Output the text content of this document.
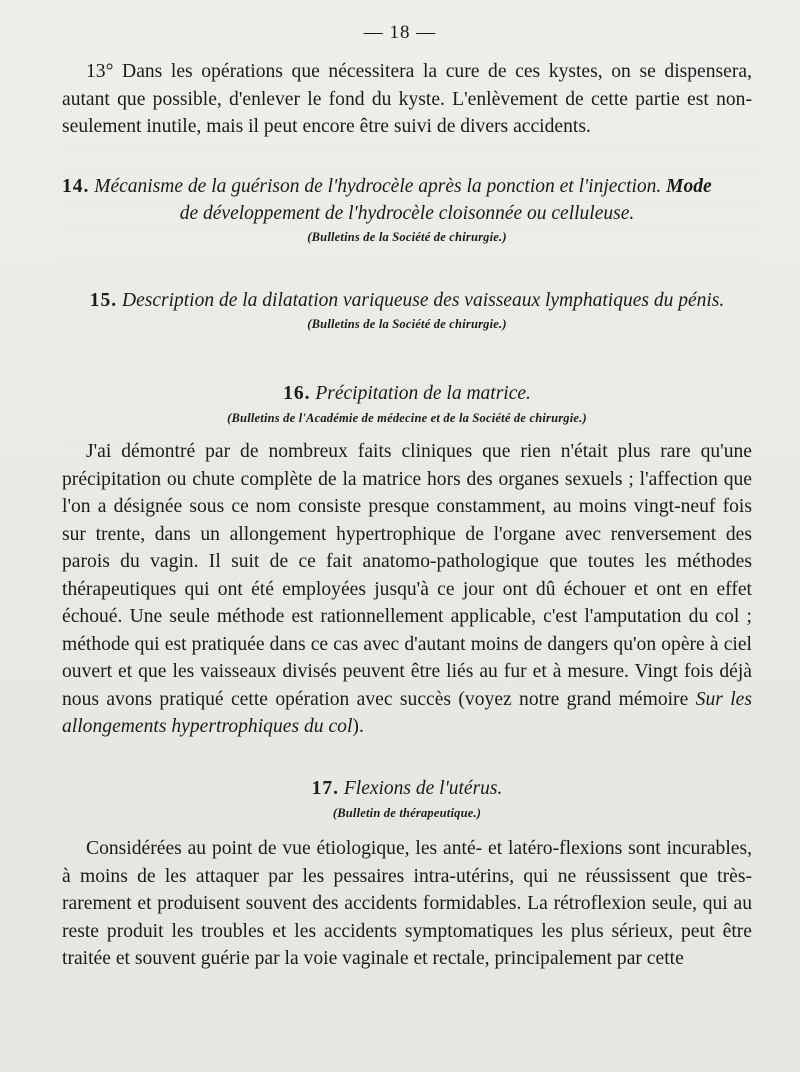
— 18 —

13° Dans les opérations que nécessitera la cure de ces kystes, on se dispensera, autant que possible, d'enlever le fond du kyste. L'enlèvement de cette partie est non-seulement inutile, mais il peut encore être suivi de divers accidents.

14. Mécanisme de la guérison de l'hydrocèle après la ponction et l'injection. Mode

de développement de l'hydrocèle cloisonnée ou celluleuse.

(Bulletins de la Société de chirurgie.)

15. Description de la dilatation variqueuse des vaisseaux lymphatiques du pénis.

(Bulletins de la Société de chirurgie.)

16. Précipitation de la matrice.

(Bulletins de l'Académie de médecine et de la Société de chirurgie.)

J'ai démontré par de nombreux faits cliniques que rien n'était plus rare qu'une précipitation ou chute complète de la matrice hors des organes sexuels ; l'affection que l'on a désignée sous ce nom consiste presque constamment, au moins vingt-neuf fois sur trente, dans un allongement hypertrophique de l'organe avec renversement des parois du vagin. Il suit de ce fait anatomo-pathologique que toutes les méthodes thérapeutiques qui ont été employées jusqu'à ce jour ont dû échouer et ont en effet échoué. Une seule méthode est rationnellement applicable, c'est l'amputation du col ; méthode qui est pratiquée dans ce cas avec d'autant moins de dangers qu'on opère à ciel ouvert et que les vaisseaux divisés peuvent être liés au fur et à mesure. Vingt fois déjà nous avons pratiqué cette opération avec succès (voyez notre grand mémoire Sur les allongements hypertrophiques du col).

17. Flexions de l'utérus.

(Bulletin de thérapeutique.)

Considérées au point de vue étiologique, les anté- et latéro-flexions sont incurables, à moins de les attaquer par les pessaires intra-utérins, qui ne réussissent que très-rarement et produisent souvent des accidents formidables. La rétroflexion seule, qui au reste produit les troubles et les accidents symptomatiques les plus sérieux, peut être traitée et souvent guérie par la voie vaginale et rectale, principalement par cette
